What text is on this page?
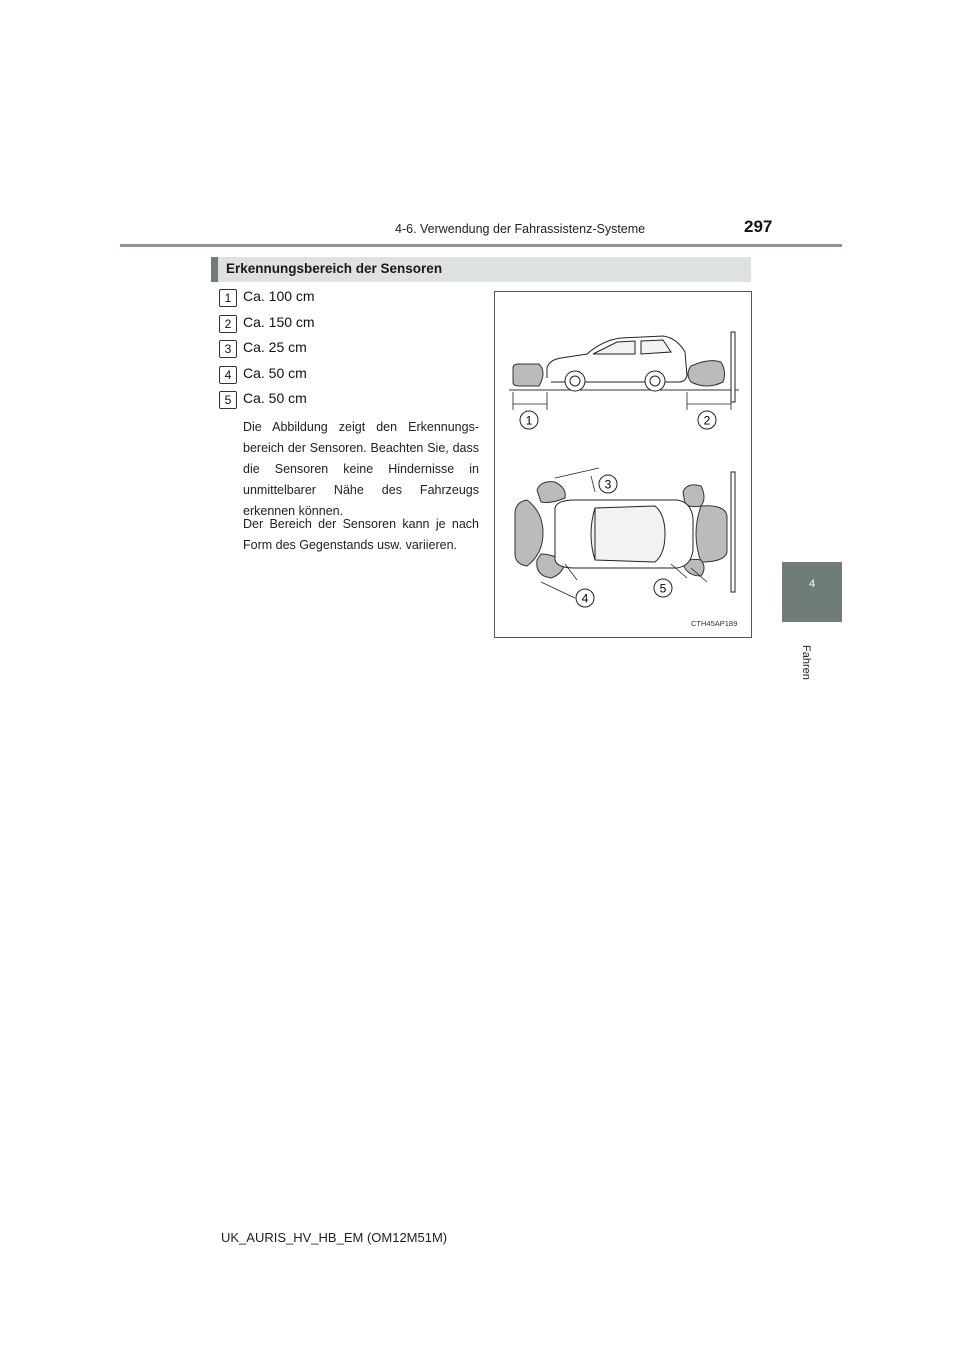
4-6. Verwendung der Fahrassistenz-Systeme	297
4
Fahren
Erkennungsbereich der Sensoren
1 Ca. 100 cm
2 Ca. 150 cm
3 Ca. 25 cm
4 Ca. 50 cm
5 Ca. 50 cm
Die Abbildung zeigt den Erkennungs-bereich der Sensoren. Beachten Sie, dass die Sensoren keine Hindernisse in unmittelbarer Nähe des Fahrzeugs erkennen können.
Der Bereich der Sensoren kann je nach Form des Gegenstands usw. variieren.
1	2
3
4
5
CTH45AP189
UK_AURIS_HV_HB_EM (OM12M51M)
